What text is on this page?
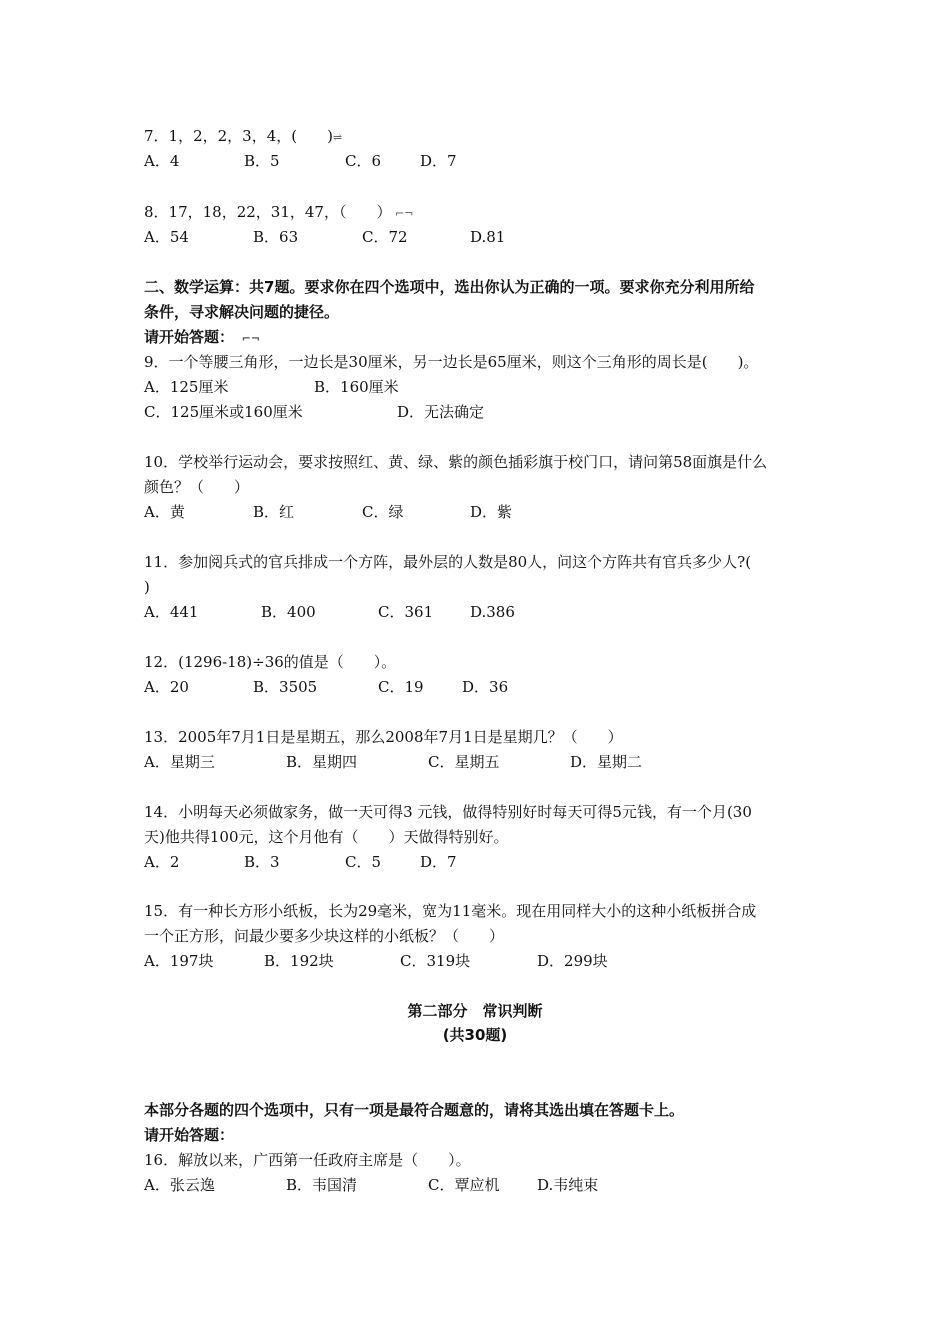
7．1，2，2，3，4，(　　)⇌

A．4

	B．5

	C．6

	D．7

8．17，18，22，31，47，（　　） ⌐¬

A．54

	B．63

	C．72

	D.81

二、数学运算：共7题。要求你在四个选项中，选出你认为正确的一项。要求你充分利用所给
条件，寻求解决问题的捷径。
请开始答题：  ⌐¬
9．一个等腰三角形，一边长是30厘米，另一边长是65厘米，则这个三角形的周长是(　　)。

A．125厘米

	B．160厘米

C．125厘米或160厘米

	D．无法确定

10．学校举行运动会，要求按照红、黄、绿、紫的颜色插彩旗于校门口，请问第58面旗是什么
颜色？（　　）

A．黄

	B．红

	C．绿

	D．紫

11．参加阅兵式的官兵排成一个方阵，最外层的人数是80人，问这个方阵共有官兵多少人?(
)

A．441

	B．400

	C．361

D.386

12．(1296-18)÷36的值是（　　）。

A．20

	B．3505

	C．19

	D．36

13．2005年7月1日是星期五，那么2008年7月1日是星期几？（　　）

A．星期三

	B．星期四

	C．星期五

	D．星期二

14．小明每天必须做家务，做一天可得3 元钱，做得特别好时每天可得5元钱，有一个月(30
天)他共得100元，这个月他有（　　）天做得特别好。

A．2

	B．3

	C．5

	D．7

15．有一种长方形小纸板，长为29毫米，宽为11毫米。现在用同样大小的这种小纸板拼合成
一个正方形，问最少要多少块这样的小纸板？（　　）

A．197块

	B．192块

	C．319块

	D．299块

第二部分　常识判断
(共30题)
本部分各题的四个选项中，只有一项是最符合题意的，请将其选出填在答题卡上。
请开始答题：
16．解放以来，广西第一任政府主席是（　　）。

A．张云逸

	B．韦国清

	C．覃应机

	D.韦纯束
